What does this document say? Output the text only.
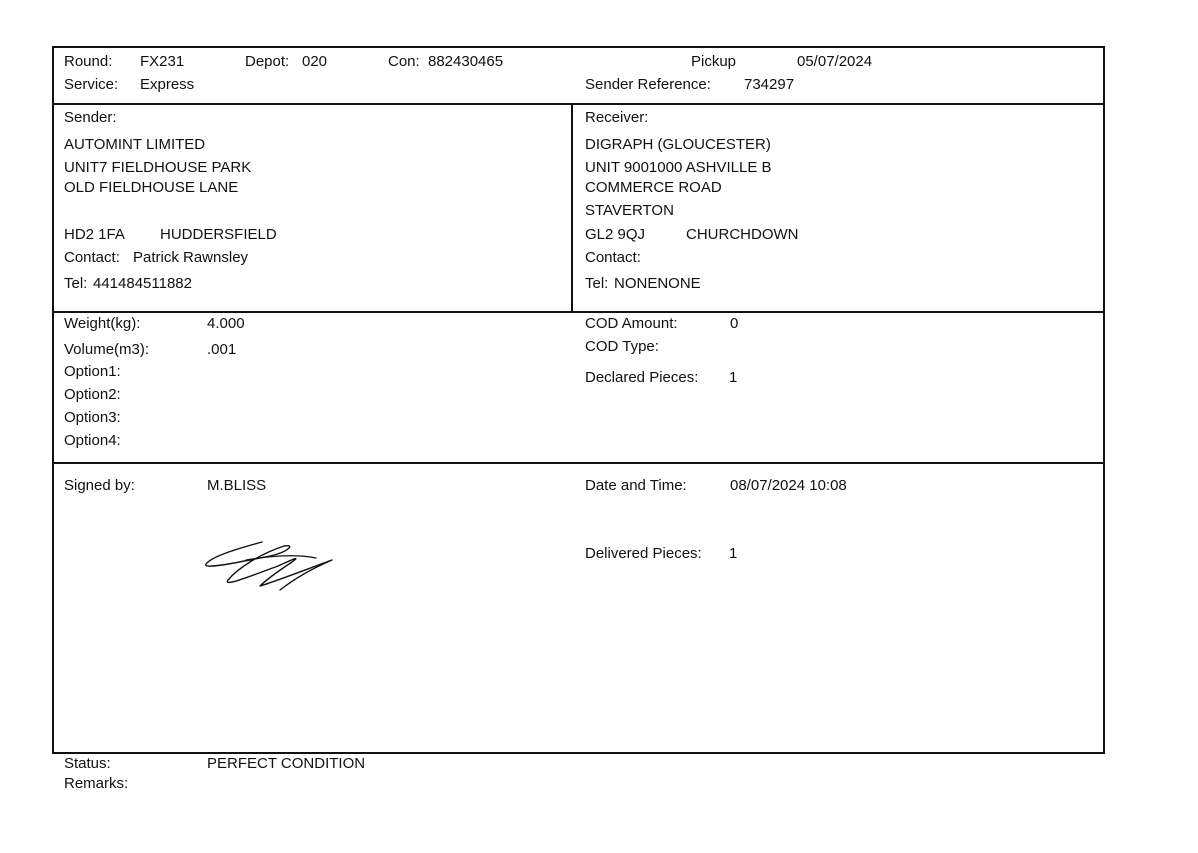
Round: FX231	Depot: 020	Con: 882430465	Pickup	05/07/2024
Service: Express	Sender Reference: 734297
Sender:
AUTOMINT LIMITED
UNIT7 FIELDHOUSE PARK
OLD FIELDHOUSE LANE
HD2 1FA HUDDERSFIELD
Contact: Patrick Rawnsley
Tel: 441484511882
Receiver:
DIGRAPH (GLOUCESTER)
UNIT 9001000 ASHVILLE B
COMMERCE ROAD
STAVERTON
GL2 9QJ	CHURCHDOWN
Contact:
Tel: NONENONE
Weight(kg):	4.000
Volume(m3):	.001
Option1:
Option2:
Option3:
Option4:
COD Amount:	0
COD Type:
Declared Pieces: 1
Signed by:	M.BLISS	Date and Time:	08/07/2024 10:08
Delivered Pieces: 1
Status:	PERFECT CONDITION
Remarks:
